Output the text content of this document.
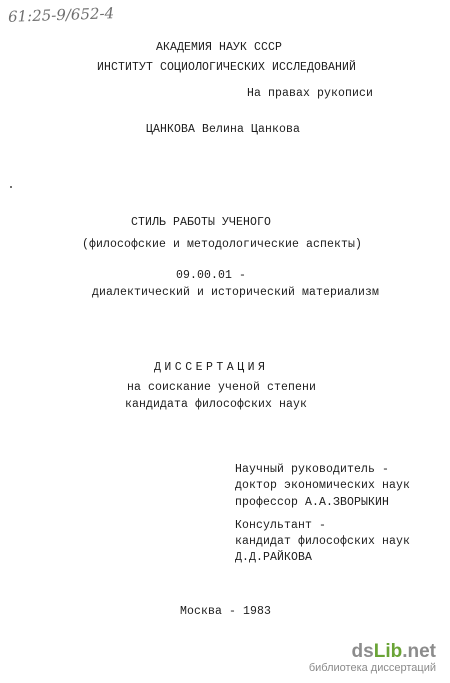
61:25-9/652-4
АКАДЕМИЯ НАУК СССР
ИНСТИТУТ СОЦИОЛОГИЧЕСКИХ ИССЛЕДОВАНИЙ
На правах рукописи
ЦАНКОВА Велина Цанкова
СТИЛЬ РАБОТЫ УЧЕНОГО
(философские и методологические аспекты)
09.00.01 -
диалектический и исторический материализм
ДИССЕРТАЦИЯ
на соискание ученой степени
кандидата философских наук
Научный руководитель -
доктор экономических наук
профессор А.А.ЗВОРЫКИН
Консультант -
кандидат философских наук
Д.Д.РАЙКОВА
Москва - 1983
dsLib.net
библиотека диссертаций
